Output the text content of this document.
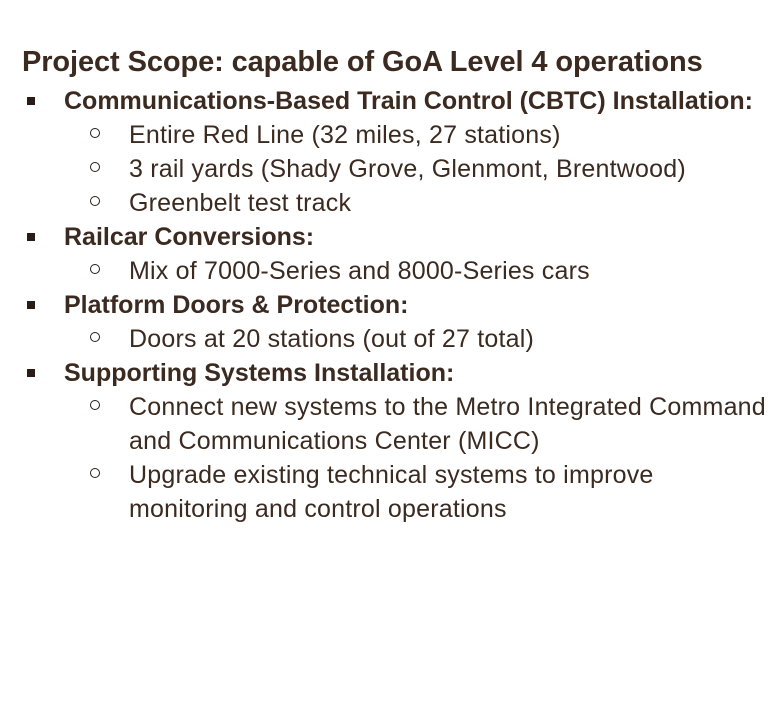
Project Scope: capable of GoA Level 4 operations
Communications-Based Train Control (CBTC) Installation:
Entire Red Line (32 miles, 27 stations)
3 rail yards (Shady Grove, Glenmont, Brentwood)
Greenbelt test track
Railcar Conversions:
Mix of 7000-Series and 8000-Series cars
Platform Doors & Protection:
Doors at 20 stations (out of 27 total)
Supporting Systems Installation:
Connect new systems to the Metro Integrated Command and Communications Center (MICC)
Upgrade existing technical systems to improve monitoring and control operations
